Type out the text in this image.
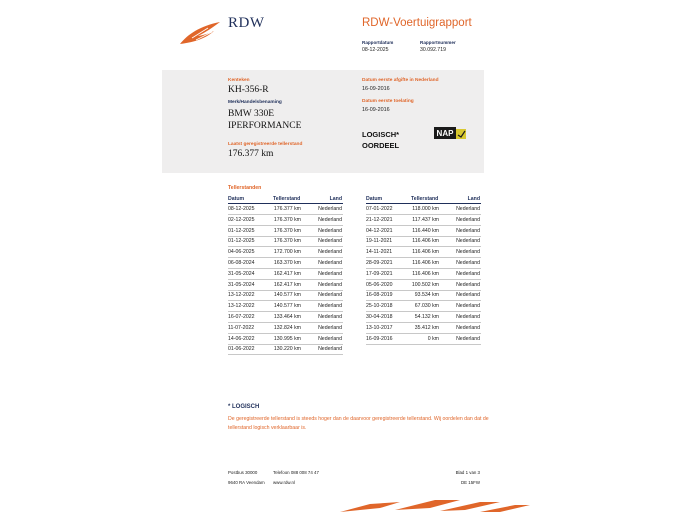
RDW	RDW-Voertuigrapport
Rapportdatum
08-12-2025
Rapportnummer
30.092.719
Kenteken
KH-356-R
Merk/Handelsbenaming
BMW 330E
IPERFORMANCE
Laatst geregistreerde tellerstand
176.377 km
Datum eerste afgifte in Nederland
16-09-2016
Datum eerste toelating
16-09-2016
LOGISCH*
OORDEEL
NAP
Tellerstanden
Datum	Tellerstand	Land	Datum	Tellerstand	Land
08-12-2025	176.377 km	Nederland
02-12-2025	176.370 km	Nederland
01-12-2025	176.370 km	Nederland
01-12-2025	176.370 km	Nederland
04-06-2025	172.700 km	Nederland
06-08-2024	163.370 km	Nederland
31-05-2024	162.417 km	Nederland
31-05-2024	162.417 km	Nederland
13-12-2022	140.577 km	Nederland
13-12-2022	140.577 km	Nederland
16-07-2022	133.464 km	Nederland
11-07-2022	132.824 km	Nederland
14-06-2022	130.995 km	Nederland
01-06-2022	130.220 km	Nederland
07-01-2022	118.000 km	Nederland
21-12-2021	117.437 km	Nederland
04-12-2021	116.440 km	Nederland
19-11-2021	116.406 km	Nederland
14-11-2021	116.406 km	Nederland
28-09-2021	116.406 km	Nederland
17-09-2021	116.406 km	Nederland
05-06-2020	100.502 km	Nederland
16-08-2019	93.534 km	Nederland
25-10-2018	67.030 km	Nederland
30-04-2018	54.132 km	Nederland
13-10-2017	35.412 km	Nederland
16-09-2016	0 km	Nederland
* LOGISCH
De geregistreerde tellerstand is steeds hoger dan de daarvoor geregistreerde tellerstand. Wij oordelen dan dat de tellerstand logisch verklaarbaar is.
Postbus 30000
9640 RA Veendam
Telefoon 088 008 74 47
www.rdw.nl
Blad 1 van 3
DE 15FW
